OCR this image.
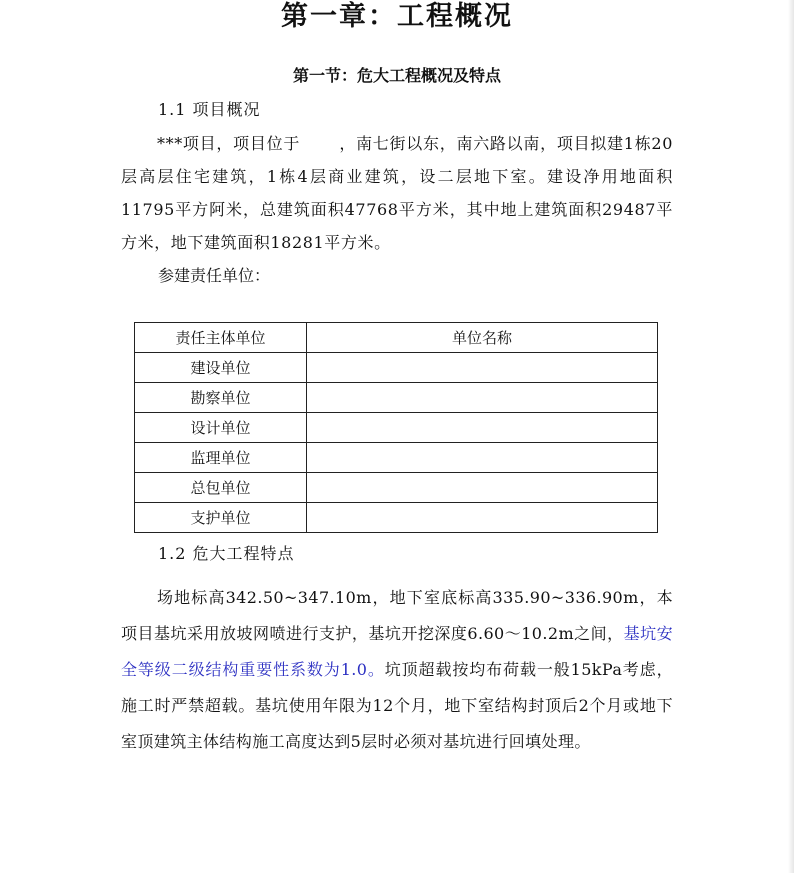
第一章：工程概况
第一节：危大工程概况及特点

1.1 项目概况

***项目，项目位于　　 ，南七街以东，南六路以南，项目拟建1栋20层高层住宅建筑，1栋4层商业建筑，设二层地下室。建设净用地面积11795平方阿米，总建筑面积47768平方米，其中地上建筑面积29487平方米，地下建筑面积18281平方米。

参建责任单位：

责任主体单位	单位名称
建设单位	
勘察单位	
设计单位	
监理单位	
总包单位	
支护单位	

1.2 危大工程特点

场地标高342.50~347.10m，地下室底标高335.90~336.90m，本项目基坑采用放坡网喷进行支护，基坑开挖深度6.60～10.2m之间，基坑安全等级二级结构重要性系数为1.0。坑顶超载按均布荷载一般15kPa考虑，施工时严禁超载。基坑使用年限为12个月，地下室结构封顶后2个月或地下室顶建筑主体结构施工高度达到5层时必须对基坑进行回填处理。
